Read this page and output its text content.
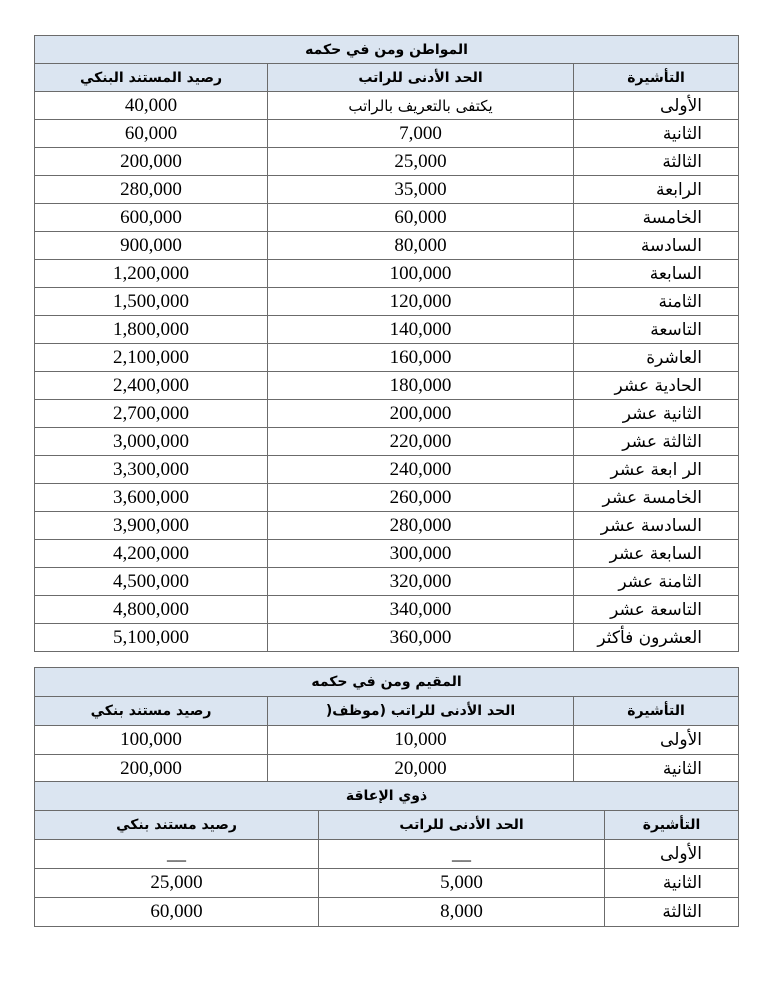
المواطن ومن في حكمه		
التأشيرة	الحد الأدنى للراتب	رصيد المستند البنكي
الأولى	يكتفى بالتعريف بالراتب	40,000
الثانية	7,000	60,000
الثالثة	25,000	200,000
الرابعة	35,000	280,000
الخامسة	60,000	600,000
السادسة	80,000	900,000
السابعة	100,000	1,200,000
الثامنة	120,000	1,500,000
التاسعة	140,000	1,800,000
العاشرة	160,000	2,100,000
الحادية عشر	180,000	2,400,000
الثانية عشر	200,000	2,700,000
الثالثة عشر	220,000	3,000,000
الر ابعة عشر	240,000	3,300,000
الخامسة عشر	260,000	3,600,000
السادسة عشر	280,000	3,900,000
السابعة عشر	300,000	4,200,000
الثامنة عشر	320,000	4,500,000
التاسعة عشر	340,000	4,800,000
العشرون فأكثر	360,000	5,100,000
المقيم ومن في حكمه		
التأشيرة	الحد الأدنى للراتب (موظف(	رصيد مستند بنكي
الأولى	10,000	100,000
الثانية	20,000	200,000
ذوي الإعاقة		
التأشيرة	الحد الأدنى للراتب	رصيد مستند بنكي
الأولى	__	__
الثانية	5,000	25,000
الثالثة	8,000	60,000
